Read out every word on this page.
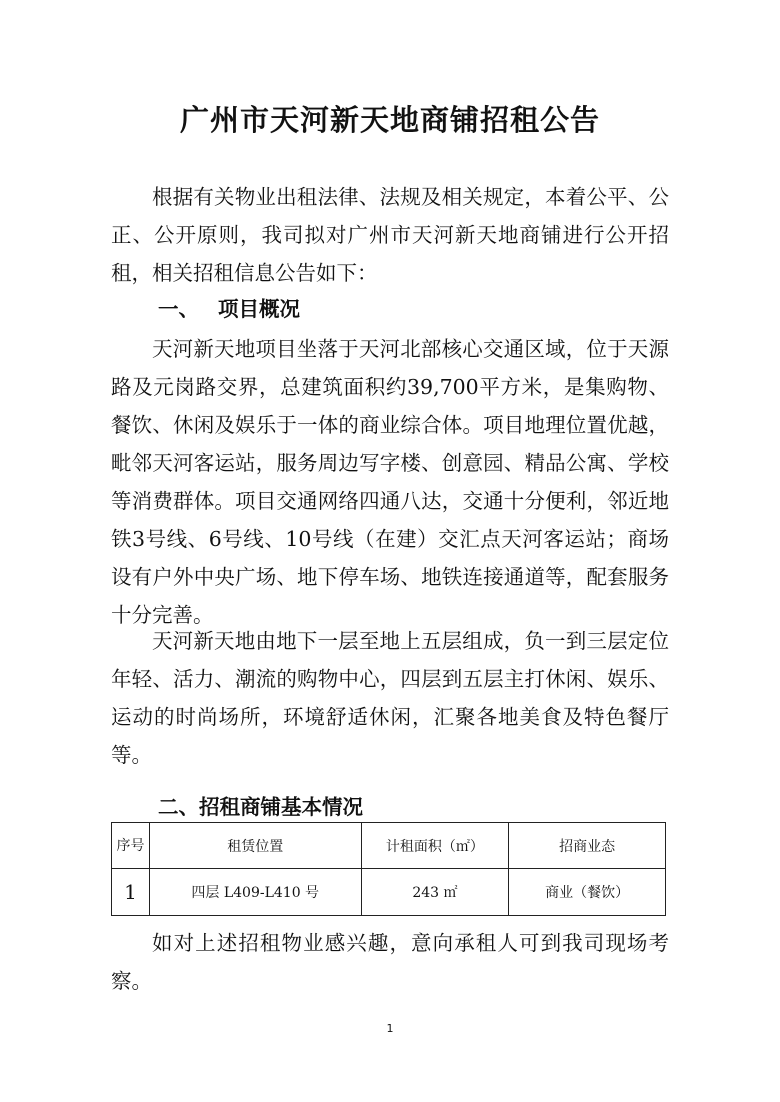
广州市天河新天地商铺招租公告

根据有关物业出租法律、法规及相关规定，本着公平、公正、公开原则，我司拟对广州市天河新天地商铺进行公开招租，相关招租信息公告如下：

一、 项目概况

天河新天地项目坐落于天河北部核心交通区域，位于天源路及元岗路交界，总建筑面积约39,700平方米，是集购物、餐饮、休闲及娱乐于一体的商业综合体。项目地理位置优越，毗邻天河客运站，服务周边写字楼、创意园、精品公寓、学校等消费群体。项目交通网络四通八达，交通十分便利，邻近地铁3号线、6号线、10号线（在建）交汇点天河客运站；商场设有户外中央广场、地下停车场、地铁连接通道等，配套服务十分完善。

天河新天地由地下一层至地上五层组成，负一到三层定位年轻、活力、潮流的购物中心，四层到五层主打休闲、娱乐、运动的时尚场所，环境舒适休闲，汇聚各地美食及特色餐厅等。

二、招租商铺基本情况

序号	租赁位置	计租面积（㎡）	招商业态
1	四层 L409-L410 号	243 ㎡	商业（餐饮）

如对上述招租物业感兴趣，意向承租人可到我司现场考察。

1
